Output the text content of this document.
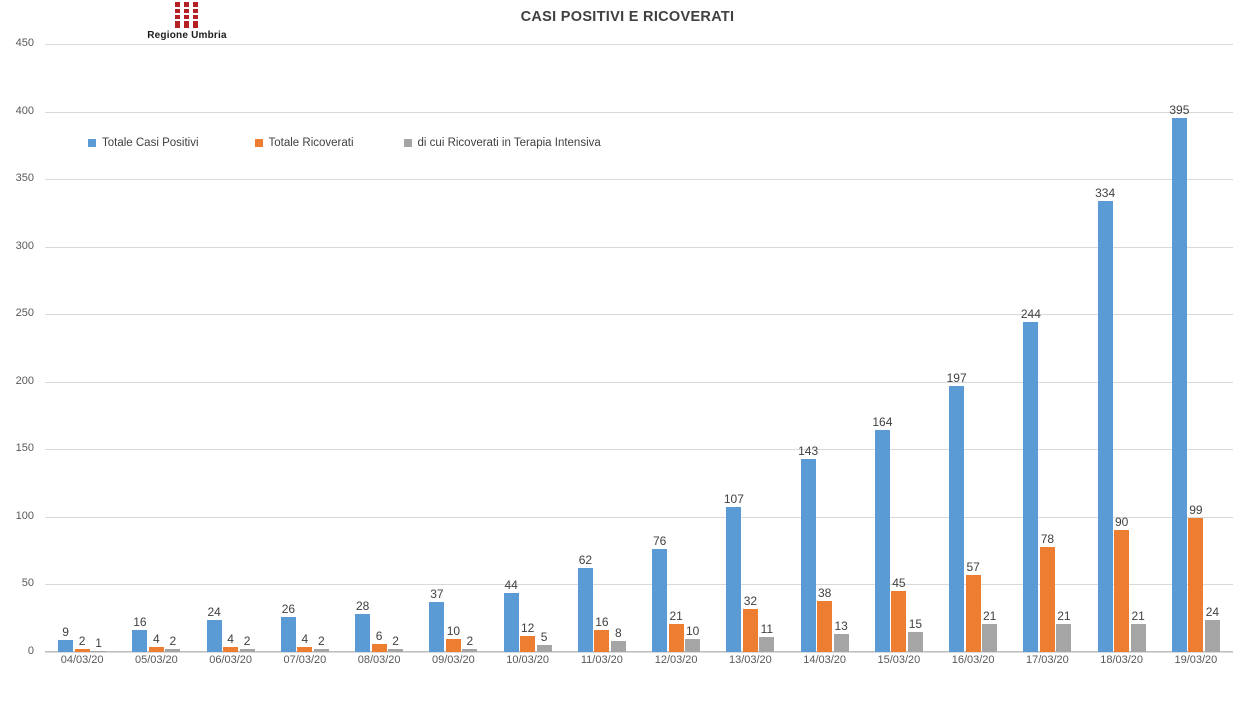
Regione Umbria
CASI POSITIVI E RICOVERATI
Totale Casi Positivi	Totale Ricoverati	di cui Ricoverati in Terapia Intensiva
0
50
100
150
200
250
300
350
400
450
9
2 1
16
4 2
24
4 2
26
4 2
28
6 2
37
10
2
44
12
5
62
16
8
76
21
10
107
32
11
143
38
13
164
45
15
197
57
21
244
78
21
334
90
21
395
99
24
04/03/20	05/03/20	06/03/20	07/03/20	08/03/20	09/03/20	10/03/20	11/03/20	12/03/20	13/03/20	14/03/20	15/03/20	16/03/20	17/03/20	18/03/20	19/03/20
